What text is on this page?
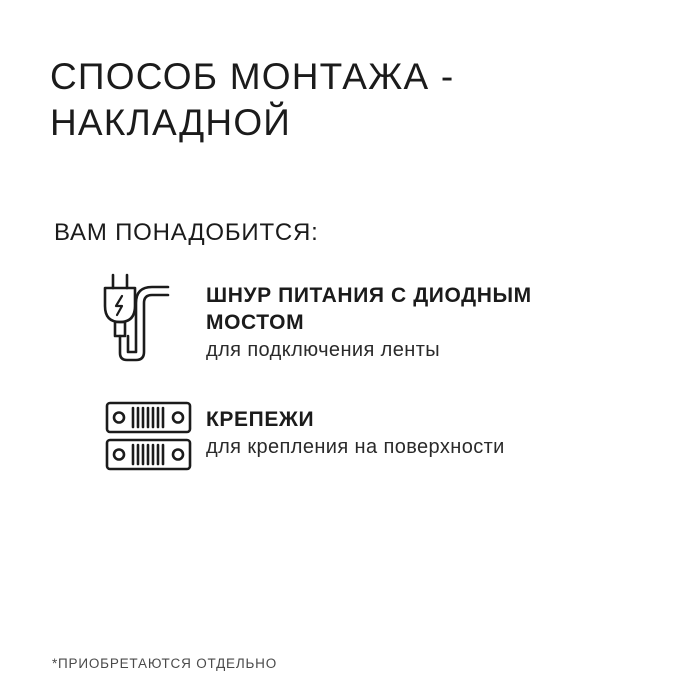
СПОСОБ МОНТАЖА -
НАКЛАДНОЙ
ВАМ ПОНАДОБИТСЯ:
ШНУР ПИТАНИЯ С ДИОДНЫМ МОСТОМ
для подключения ленты
КРЕПЕЖИ
для крепления на поверхности
*ПРИОБРЕТАЮТСЯ ОТДЕЛЬНО
